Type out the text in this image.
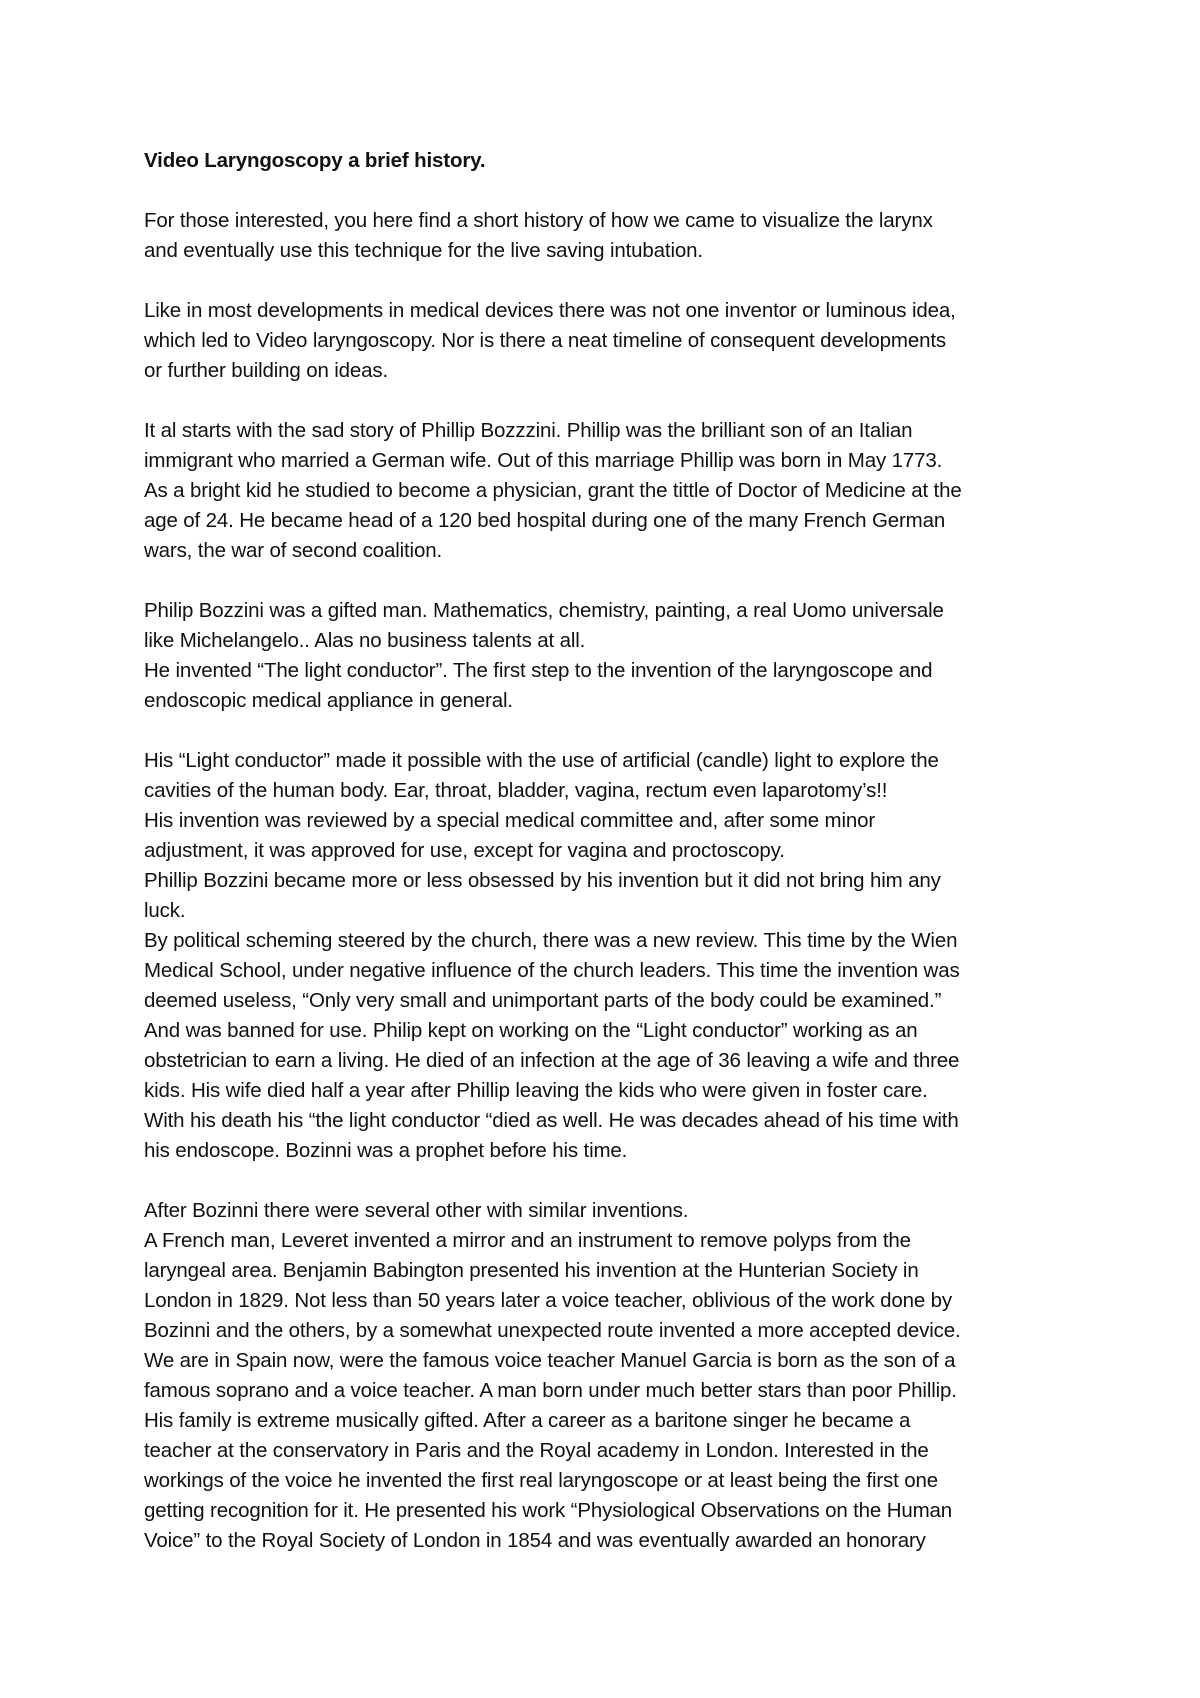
Video Laryngoscopy a brief history.
For those interested, you here find a short history of how we came to visualize the larynx
and eventually use this technique for the live saving intubation.
Like in most developments in medical devices there was not one inventor or luminous idea,
which led to Video laryngoscopy. Nor is there a neat timeline of consequent developments
or further building on ideas.
It al starts with the sad story of Phillip Bozzzini. Phillip was the brilliant son of an Italian
immigrant who married a German wife. Out of this marriage Phillip was born in May 1773.
As a bright kid he studied to become a physician, grant the tittle of Doctor of Medicine at the
age of 24. He became head of a 120 bed hospital during one of the many French German
wars, the war of second coalition.
Philip Bozzini was a gifted man. Mathematics, chemistry, painting, a real Uomo universale
like Michelangelo.. Alas no business talents at all.
He invented “The light conductor”. The first step to the invention of the laryngoscope and
endoscopic medical appliance in general.
His “Light conductor” made it possible with the use of artificial (candle) light to explore the
cavities of the human body. Ear, throat, bladder, vagina, rectum even laparotomy’s!!
His invention was reviewed by a special medical committee and, after some minor
adjustment, it was approved for use, except for vagina and proctoscopy.
Phillip Bozzini became more or less obsessed by his invention but it did not bring him any
luck.
By political scheming steered by the church, there was a new review. This time by the Wien
Medical School, under negative influence of the church leaders. This time the invention was
deemed useless, “Only very small and unimportant parts of the body could be examined.”
And was banned for use. Philip kept on working on the “Light conductor” working as an
obstetrician to earn a living. He died of an infection at the age of 36 leaving a wife and three
kids. His wife died half a year after Phillip leaving the kids who were given in foster care.
With his death his “the light conductor “died as well. He was decades ahead of his time with
his endoscope. Bozinni was a prophet before his time.
After Bozinni there were several other with similar inventions.
A French man, Leveret invented a mirror and an instrument to remove polyps from the
laryngeal area. Benjamin Babington presented his invention at the Hunterian Society in
London in 1829. Not less than 50 years later a voice teacher, oblivious of the work done by
Bozinni and the others, by a somewhat unexpected route invented a more accepted device.
We are in Spain now, were the famous voice teacher Manuel Garcia is born as the son of a
famous soprano and a voice teacher. A man born under much better stars than poor Phillip.
His family is extreme musically gifted. After a career as a baritone singer he became a
teacher at the conservatory in Paris and the Royal academy in London. Interested in the
workings of the voice he invented the first real laryngoscope or at least being the first one
getting recognition for it. He presented his work “Physiological Observations on the Human
Voice” to the Royal Society of London in 1854 and was eventually awarded an honorary
